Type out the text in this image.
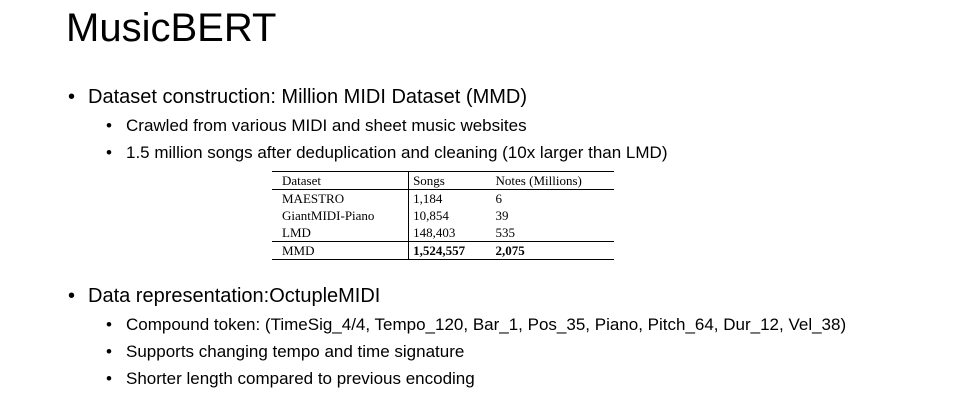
MusicBERT
• Dataset construction: Million MIDI Dataset (MMD)
• Crawled from various MIDI and sheet music websites
• 1.5 million songs after deduplication and cleaning (10x larger than LMD)
Dataset	Songs	Notes (Millions)
MAESTRO	1,184	6
GiantMIDI-Piano	10,854	39
LMD	148,403	535
MMD	1,524,557	2,075
• Data representation:OctupleMIDI
• Compound token: (TimeSig_4/4, Tempo_120, Bar_1, Pos_35, Piano, Pitch_64, Dur_12, Vel_38)
• Supports changing tempo and time signature
• Shorter length compared to previous encoding
